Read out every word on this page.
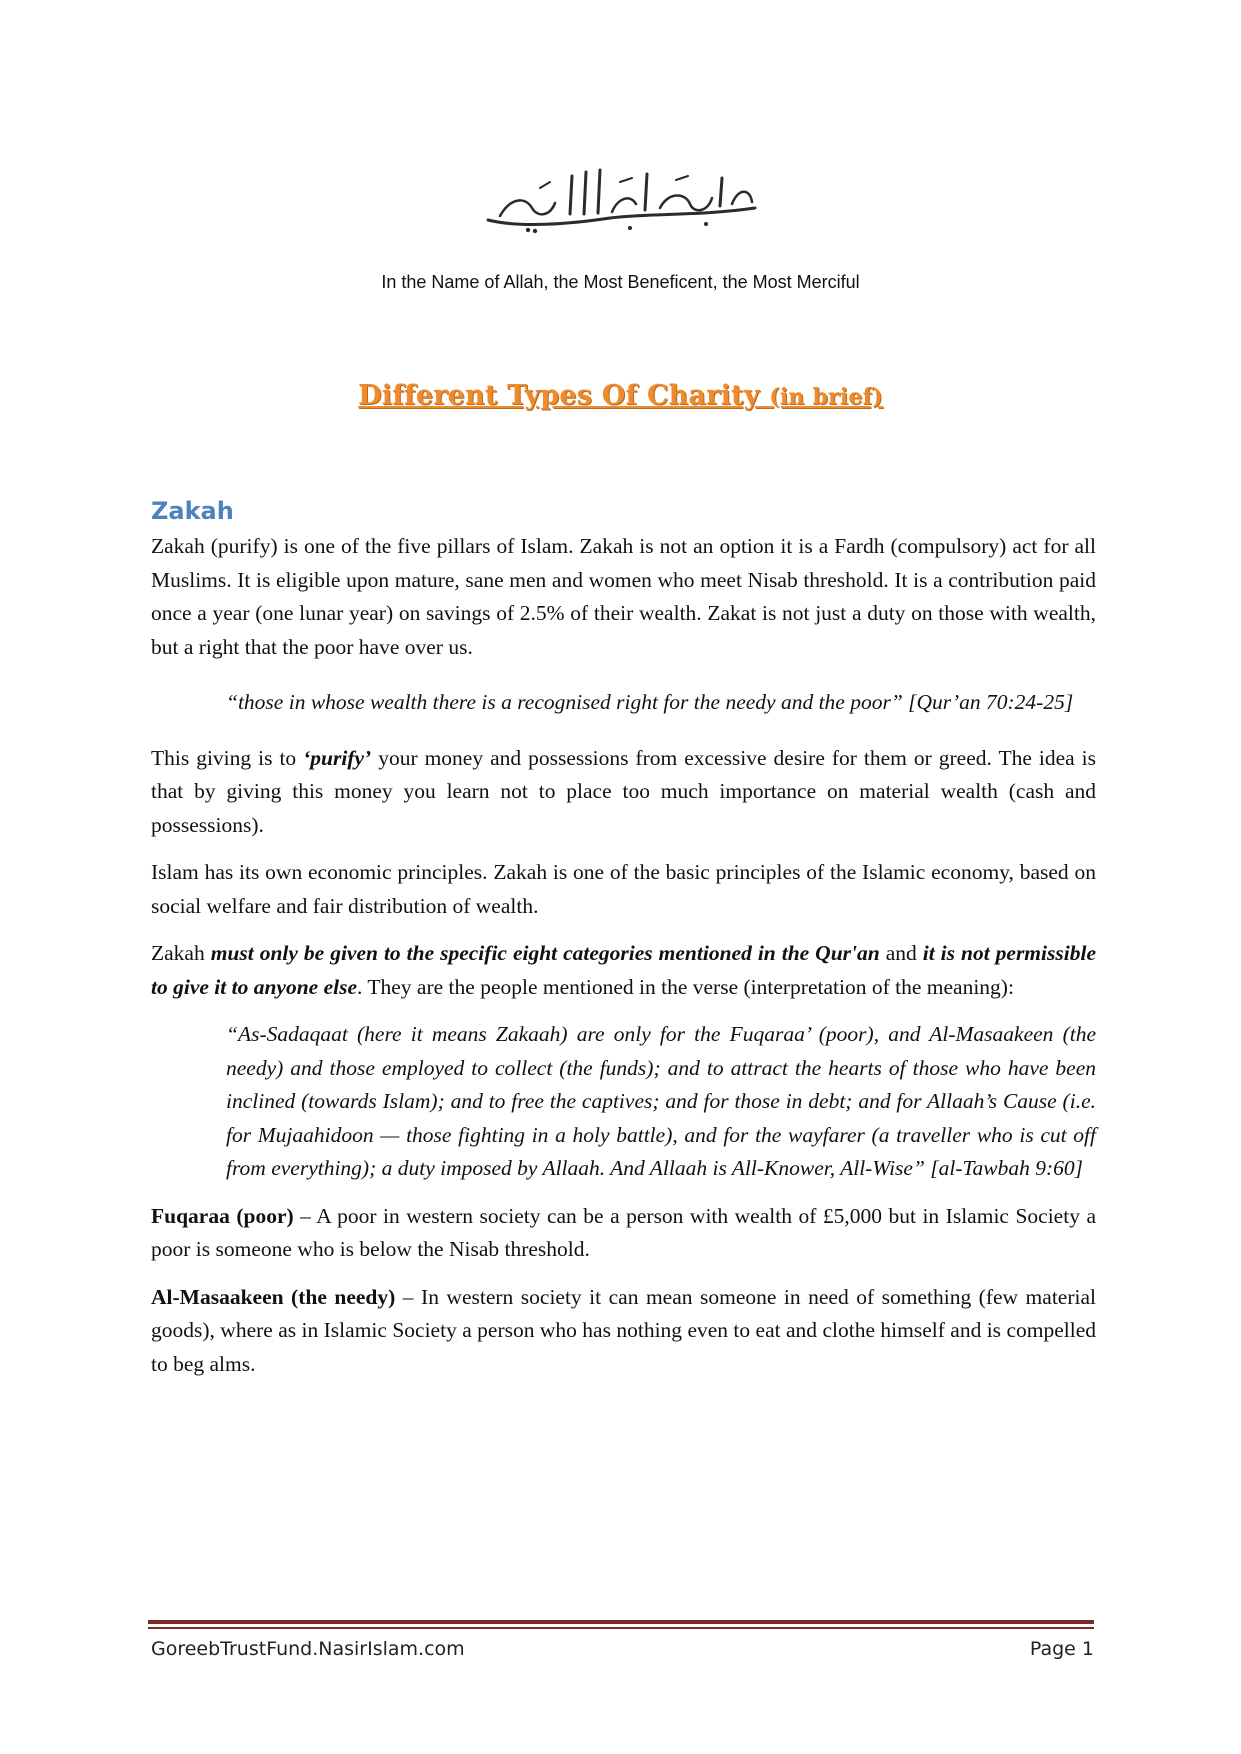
In the Name of Allah, the Most Beneficent, the Most Merciful
Different Types Of Charity (in brief)
Zakah

Zakah (purify) is one of the five pillars of Islam. Zakah is not an option it is a Fardh (compulsory) act for all Muslims. It is eligible upon mature, sane men and women who meet Nisab threshold. It is a contribution paid once a year (one lunar year) on savings of 2.5% of their wealth. Zakat is not just a duty on those with wealth, but a right that the poor have over us.

“those in whose wealth there is a recognised right for the needy and the poor” [Qur’an 70:24-25]

This giving is to ‘purify’ your money and possessions from excessive desire for them or greed. The idea is that by giving this money you learn not to place too much importance on material wealth (cash and possessions).

Islam has its own economic principles. Zakah is one of the basic principles of the Islamic economy, based on social welfare and fair distribution of wealth.

Zakah must only be given to the specific eight categories mentioned in the Qur'an and it is not permissible to give it to anyone else. They are the people mentioned in the verse (interpretation of the meaning):

“As-Sadaqaat (here it means Zakaah) are only for the Fuqaraa’ (poor), and Al-Masaakeen (the needy) and those employed to collect (the funds); and to attract the hearts of those who have been inclined (towards Islam); and to free the captives; and for those in debt; and for Allaah’s Cause (i.e. for Mujaahidoon — those fighting in a holy battle), and for the wayfarer (a traveller who is cut off from everything); a duty imposed by Allaah. And Allaah is All-Knower, All-Wise” [al-Tawbah 9:60]

Fuqaraa (poor) – A poor in western society can be a person with wealth of £5,000 but in Islamic Society a poor is someone who is below the Nisab threshold.

Al-Masaakeen (the needy) – In western society it can mean someone in need of something (few material goods), where as in Islamic Society a person who has nothing even to eat and clothe himself and is compelled to beg alms.

GoreebTrustFund.NasirIslam.com	Page 1
